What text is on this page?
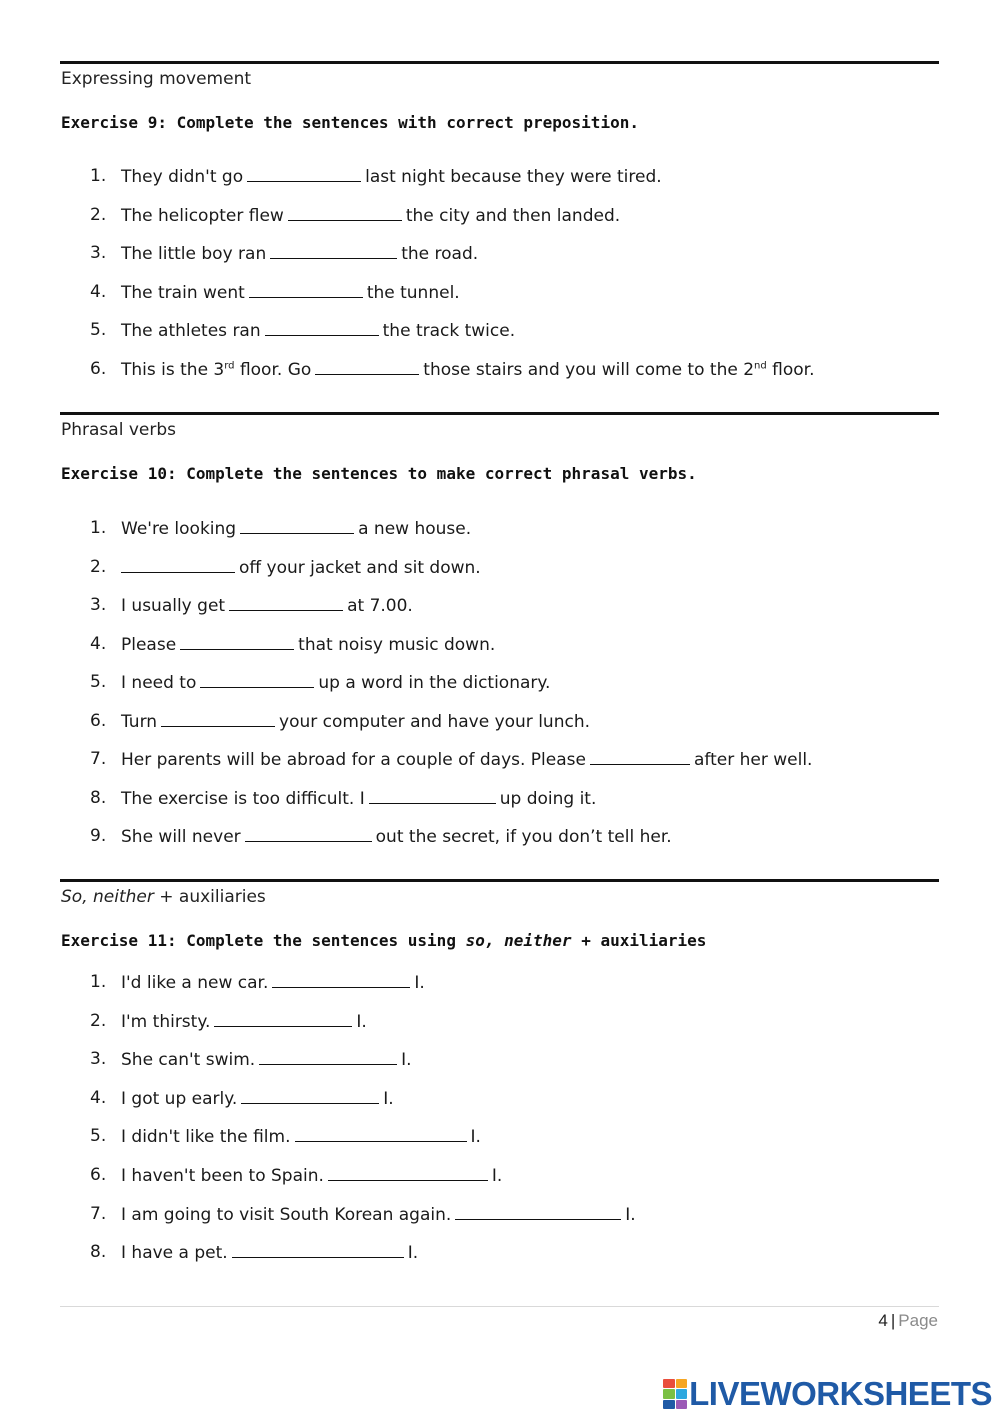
Expressing movement
Exercise 9: Complete the sentences with correct preposition.
1. They didn't go	last night because they were tired.
2. The helicopter flew	the city and then landed.
3. The little boy ran	the road.
4. The train went	the tunnel.
5. The athletes ran	the track twice.
6. This is the 3rd floor. Go	those stairs and you will come to the 2nd floor.
Phrasal verbs
Exercise 10: Complete the sentences to make correct phrasal verbs.
1. We're looking	a new house.
2.	off your jacket and sit down.
3. I usually get	at 7.00.
4. Please	that noisy music down.
5. I need to	up a word in the dictionary.
6. Turn	your computer and have your lunch.
7. Her parents will be abroad for a couple of days. Please	after her well.
8. The exercise is too difficult. I	up doing it.
9. She will never	out the secret, if you don’t tell her.
So, neither + auxiliaries
Exercise 11: Complete the sentences using so, neither + auxiliaries
1. I'd like a new car.	I.
2. I'm thirsty.	I.
3. She can't swim.	I.
4. I got up early.	I.
5. I didn't like the film.	I.
6. I haven't been to Spain.	I.
7. I am going to visit South Korean again.	I.
8. I have a pet.	I.
4 | Page
LIVEWORKSHEETS
